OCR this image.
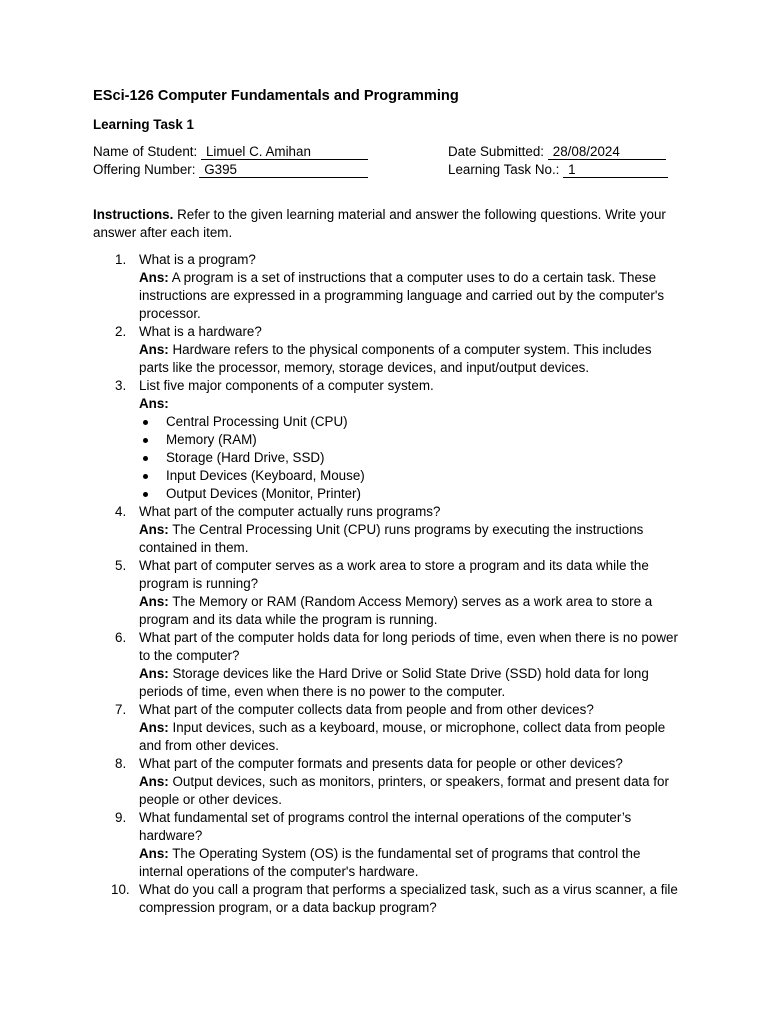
ESci-126 Computer Fundamentals and Programming
Learning Task 1
Name of Student: Limuel C. Amihan	Date Submitted: 28/08/2024
Offering Number: G395	Learning Task No.: 1
Instructions. Refer to the given learning material and answer the following questions. Write your answer after each item.
1. What is a program?
Ans: A program is a set of instructions that a computer uses to do a certain task. These instructions are expressed in a programming language and carried out by the computer's processor.
2. What is a hardware?
Ans: Hardware refers to the physical components of a computer system. This includes parts like the processor, memory, storage devices, and input/output devices.
3. List five major components of a computer system.
Ans:
Central Processing Unit (CPU)
Memory (RAM)
Storage (Hard Drive, SSD)
Input Devices (Keyboard, Mouse)
Output Devices (Monitor, Printer)
4. What part of the computer actually runs programs?
Ans: The Central Processing Unit (CPU) runs programs by executing the instructions contained in them.
5. What part of computer serves as a work area to store a program and its data while the program is running?
Ans: The Memory or RAM (Random Access Memory) serves as a work area to store a program and its data while the program is running.
6. What part of the computer holds data for long periods of time, even when there is no power to the computer?
Ans: Storage devices like the Hard Drive or Solid State Drive (SSD) hold data for long periods of time, even when there is no power to the computer.
7. What part of the computer collects data from people and from other devices?
Ans: Input devices, such as a keyboard, mouse, or microphone, collect data from people and from other devices.
8. What part of the computer formats and presents data for people or other devices?
Ans: Output devices, such as monitors, printers, or speakers, format and present data for people or other devices.
9. What fundamental set of programs control the internal operations of the computer’s hardware?
Ans: The Operating System (OS) is the fundamental set of programs that control the internal operations of the computer's hardware.
10. What do you call a program that performs a specialized task, such as a virus scanner, a file compression program, or a data backup program?
